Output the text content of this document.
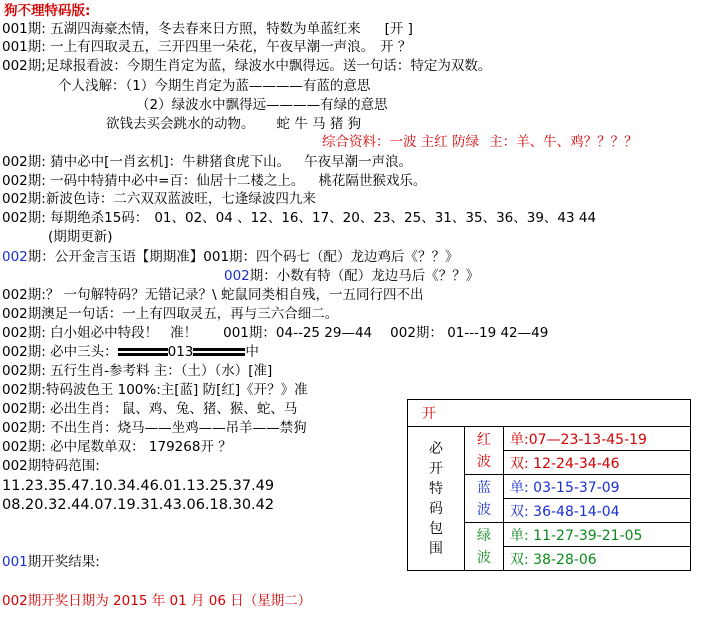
狗不理特码版:
001期: 五湖四海豪杰情，冬去春来日方照，特数为单蓝红来 [开 ]
001期: 一上有四取灵五，三开四里一朵花，午夜早潮一声浪。 开 ？
002期;足球报看波：今期生肖定为蓝，绿波水中飘得远。送一句话：特定为双数。
个人浅解：（1）今期生肖定为蓝————有蓝的意思
（2）绿波水中飘得远————有绿的意思
欲钱去买会跳水的动物。 蛇 牛 马 猪 狗
综合资料：一波 主红 防绿 主：羊、牛、鸡？？？？
002期: 猜中必中[一肖玄机]：牛耕猪食虎下山。 午夜早潮一声浪。
002期: 一码中特猜中必中=百：仙居十二楼之上。 桃花隔世猴戏乐。
002期:新波色诗：二六双双蓝波旺，七逢绿波四九来
002期: 每期绝杀15码： 01、02、04 、12、16、17、20、23、25、31、35、36、39、43 44
(期期更新)
002期：公开金言玉语【期期准】001期：四个码七（配）龙边鸡后《？？》
002期：小数有特（配）龙边马后《？？》
002期:？ 一句解特码？无错记录？\ 蛇鼠同类相自残，一五同行四不出
002期澳足一句话：一上有四取灵五，再与三六合细二。
002期: 白小姐必中特段！ 准！ 001期：04--25 29—44 002期： 01---19 42—49
002期: 必中三头：	013	中
002期: 五行生肖-参考料 主：（土）（水）[准]
002期:特码波色王 100%:主[蓝] 防[红]《开？》准
002期: 必出生肖： 鼠、鸡、兔、猪、猴、蛇、马
002期: 不出生肖：烧马——坐鸡——吊羊——禁狗
002期: 必中尾数单双： 179268开 ？
002期特码范围:
11.23.35.47.10.34.46.01.13.25.37.49
08.20.32.44.07.19.31.43.06.18.30.42
001期开奖结果:
002期开奖日期为 2015 年 01 月 06 日（星期二）
开		
必开特码包围	红波	单:07—23-13-45-19
		双: 12-24-34-46
	蓝波	单: 03-15-37-09
		双: 36-48-14-04
	绿波	单: 11-27-39-21-05
		双: 38-28-06
